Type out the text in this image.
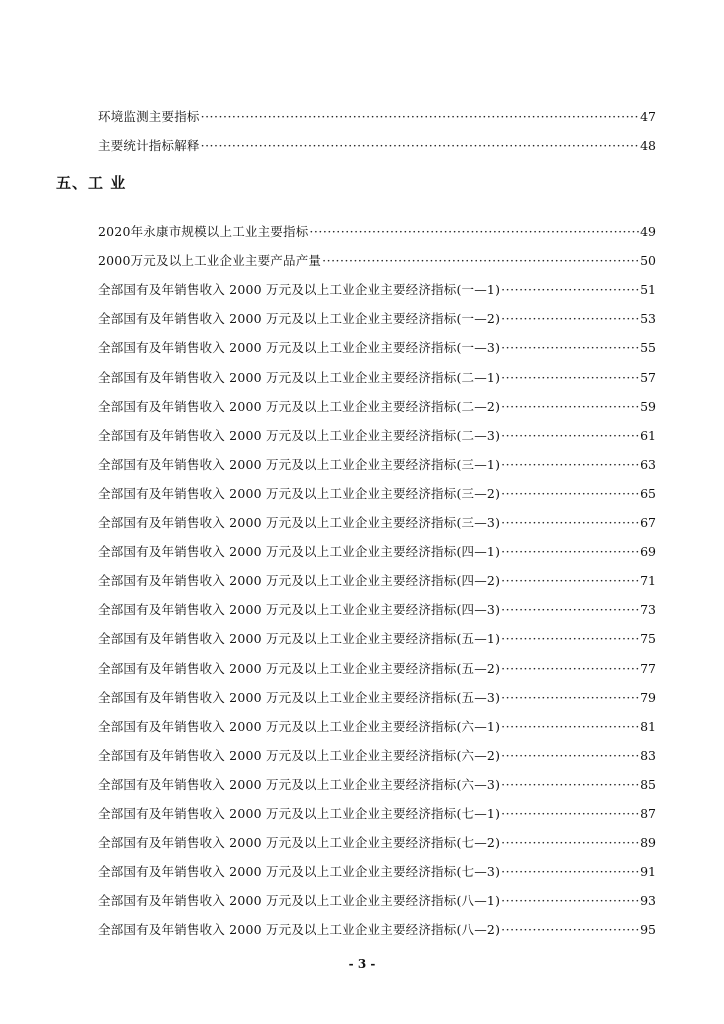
环境监测主要指标 ·····	47
主要统计指标解释 ·····	48
五、工 业
2020年永康市规模以上工业主要指标 ·····	49
2000万元及以上工业企业主要产品产量 ·····	50
全部国有及年销售收入 2000 万元及以上工业企业主要经济指标(一—1) ·····	51
全部国有及年销售收入 2000 万元及以上工业企业主要经济指标(一—2) ·····	53
全部国有及年销售收入 2000 万元及以上工业企业主要经济指标(一—3) ·····	55
全部国有及年销售收入 2000 万元及以上工业企业主要经济指标(二—1) ·····	57
全部国有及年销售收入 2000 万元及以上工业企业主要经济指标(二—2) ·····	59
全部国有及年销售收入 2000 万元及以上工业企业主要经济指标(二—3) ·····	61
全部国有及年销售收入 2000 万元及以上工业企业主要经济指标(三—1) ·····	63
全部国有及年销售收入 2000 万元及以上工业企业主要经济指标(三—2) ·····	65
全部国有及年销售收入 2000 万元及以上工业企业主要经济指标(三—3) ·····	67
全部国有及年销售收入 2000 万元及以上工业企业主要经济指标(四—1) ·····	69
全部国有及年销售收入 2000 万元及以上工业企业主要经济指标(四—2) ·····	71
全部国有及年销售收入 2000 万元及以上工业企业主要经济指标(四—3) ·····	73
全部国有及年销售收入 2000 万元及以上工业企业主要经济指标(五—1) ·····	75
全部国有及年销售收入 2000 万元及以上工业企业主要经济指标(五—2) ·····	77
全部国有及年销售收入 2000 万元及以上工业企业主要经济指标(五—3) ·····	79
全部国有及年销售收入 2000 万元及以上工业企业主要经济指标(六—1) ·····	81
全部国有及年销售收入 2000 万元及以上工业企业主要经济指标(六—2) ·····	83
全部国有及年销售收入 2000 万元及以上工业企业主要经济指标(六—3) ·····	85
全部国有及年销售收入 2000 万元及以上工业企业主要经济指标(七—1) ·····	87
全部国有及年销售收入 2000 万元及以上工业企业主要经济指标(七—2) ·····	89
全部国有及年销售收入 2000 万元及以上工业企业主要经济指标(七—3) ·····	91
全部国有及年销售收入 2000 万元及以上工业企业主要经济指标(八—1) ·····	93
全部国有及年销售收入 2000 万元及以上工业企业主要经济指标(八—2) ·····	95
- 3 -
